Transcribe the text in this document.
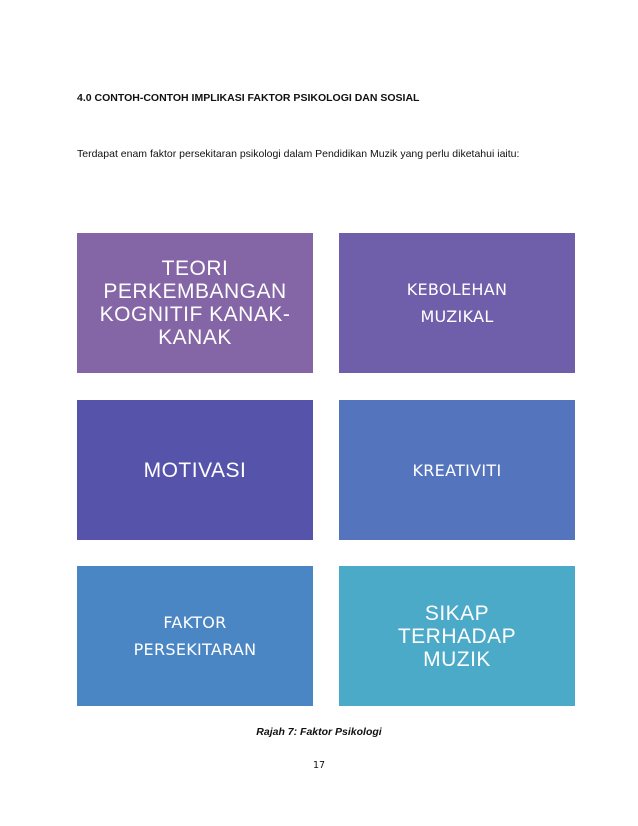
4.0 CONTOH-CONTOH IMPLIKASI FAKTOR PSIKOLOGI DAN SOSIAL

Terdapat enam faktor persekitaran psikologi dalam Pendidikan Muzik yang perlu diketahui iaitu:

TEORI PERKEMBANGAN KOGNITIF KANAK-KANAK
KEBOLEHAN MUZIKAL
MOTIVASI	KREATIVITI
FAKTOR PERSEKITARAN
SIKAP TERHADAP MUZIK
Rajah 7: Faktor Psikologi
17
